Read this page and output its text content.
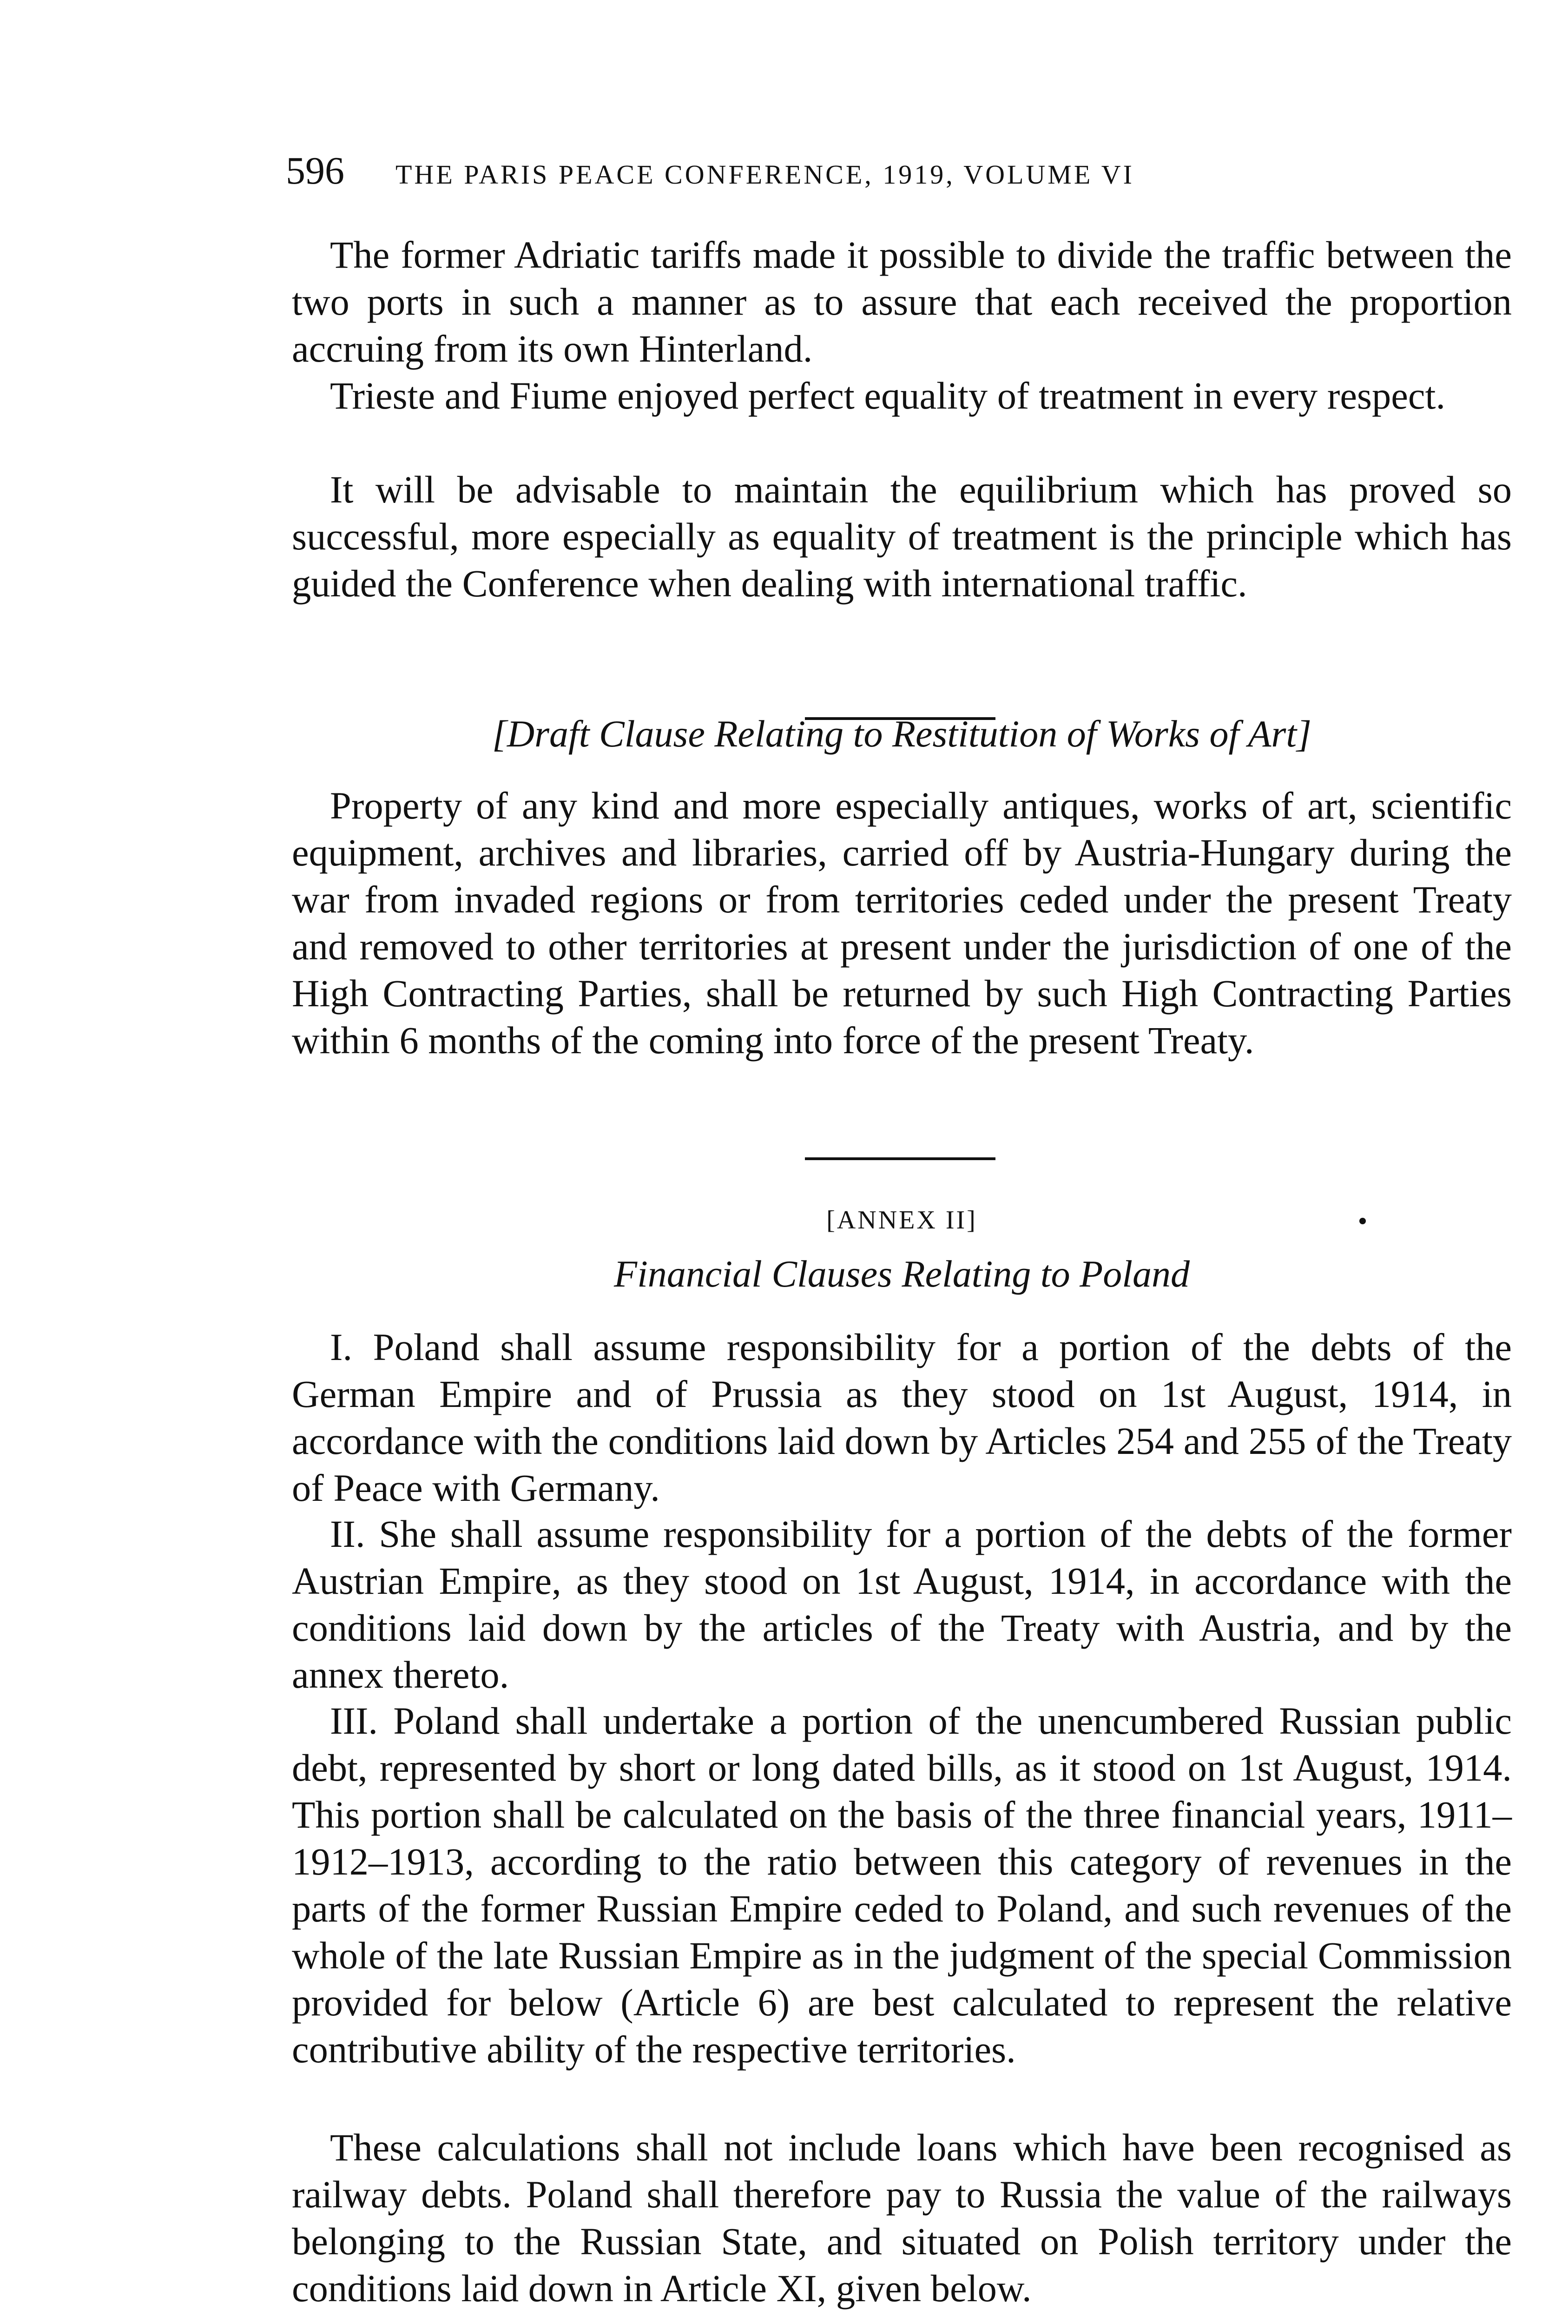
596 THE PARIS PEACE CONFERENCE, 1919, VOLUME VI

The former Adriatic tariffs made it possible to divide the traffic between the two ports in such a manner as to assure that each received the proportion accruing from its own Hinterland.

Trieste and Fiume enjoyed perfect equality of treatment in every respect.

It will be advisable to maintain the equilibrium which has proved so successful, more especially as equality of treatment is the principle which has guided the Conference when dealing with international traffic.

[Draft Clause Relating to Restitution of Works of Art]

Property of any kind and more especially antiques, works of art, scientific equipment, archives and libraries, carried off by Austria-Hungary during the war from invaded regions or from territories ceded under the present Treaty and removed to other territories at present under the jurisdiction of one of the High Contracting Parties, shall be returned by such High Contracting Parties within 6 months of the coming into force of the present Treaty.

[ANNEX II]

Financial Clauses Relating to Poland

I. Poland shall assume responsibility for a portion of the debts of the German Empire and of Prussia as they stood on 1st August, 1914, in accordance with the conditions laid down by Articles 254 and 255 of the Treaty of Peace with Germany.

II. She shall assume responsibility for a portion of the debts of the former Austrian Empire, as they stood on 1st August, 1914, in accordance with the conditions laid down by the articles of the Treaty with Austria, and by the annex thereto.

III. Poland shall undertake a portion of the unencumbered Russian public debt, represented by short or long dated bills, as it stood on 1st August, 1914. This portion shall be calculated on the basis of the three financial years, 1911–1912–1913, according to the ratio between this category of revenues in the parts of the former Russian Empire ceded to Poland, and such revenues of the whole of the late Russian Empire as in the judgment of the special Commission provided for below (Article 6) are best calculated to represent the relative contributive ability of the respective territories.

These calculations shall not include loans which have been recognised as railway debts. Poland shall therefore pay to Russia the value of the railways belonging to the Russian State, and situated on Polish territory under the conditions laid down in Article XI, given below.
